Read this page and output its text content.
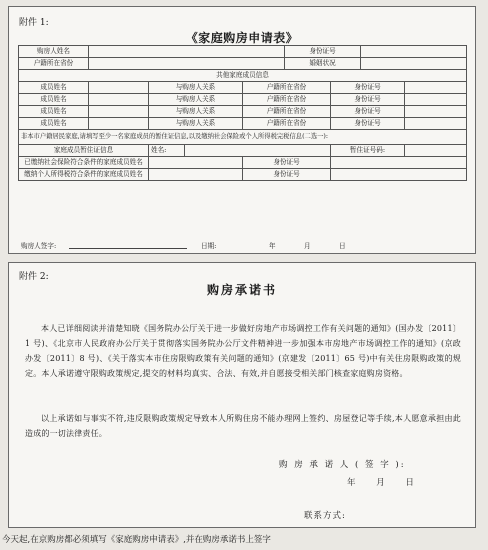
附件 1:
《家庭购房申请表》
购房人姓名					身份证号			
户籍所在省份					婚姻状况			
共他家庭成员信息								
成员姓名		与购房人关系		户籍所在省份		身份证号		
成员姓名		与购房人关系		户籍所在省份		身份证号		
成员姓名		与购房人关系		户籍所在省份		身份证号		
成员姓名		与购房人关系		户籍所在省份		身份证号		
非本市户籍居民家庭,请填写至少一名家庭成员的暂住证信息,以及缴纳社会保险或个人所得税完税信息(二选一):								
家庭成员暂住证信息		姓名:				暂住证号码:		
已缴纳社会保险符合条件的家庭成员姓名				身份证号				
缴纳个人所得税符合条件的家庭成员姓名				身份证号				
购房人签字:	日期:	年	月	日
附件 2:
购房承诺书
本人已详细阅读并清楚知晓《国务院办公厅关于进一步做好房地产市场调控工作有关问题的通知》(国办发〔2011〕1 号)、《北京市人民政府办公厅关于贯彻落实国务院办公厅文件精神进一步加强本市房地产市场调控工作的通知》(京政办发〔2011〕8 号)、《关于落实本市住房限购政策有关问题的通知》(京建发〔2011〕65 号)中有关住房限购政策的规定。本人承诺遵守限购政策规定,提交的材料均真实、合法、有效,并自愿接受相关部门核查家庭购房资格。
以上承诺如与事实不符,违反限购政策规定导致本人所购住房不能办理网上签约、房屋登记等手续,本人愿意承担由此造成的一切法律责任。
购 房 承 诺 人 ( 签 字 ):
年 月 日
联系方式:
今天起,在京购房都必须填写《家庭购房申请表》,并在购房承诺书上签字
